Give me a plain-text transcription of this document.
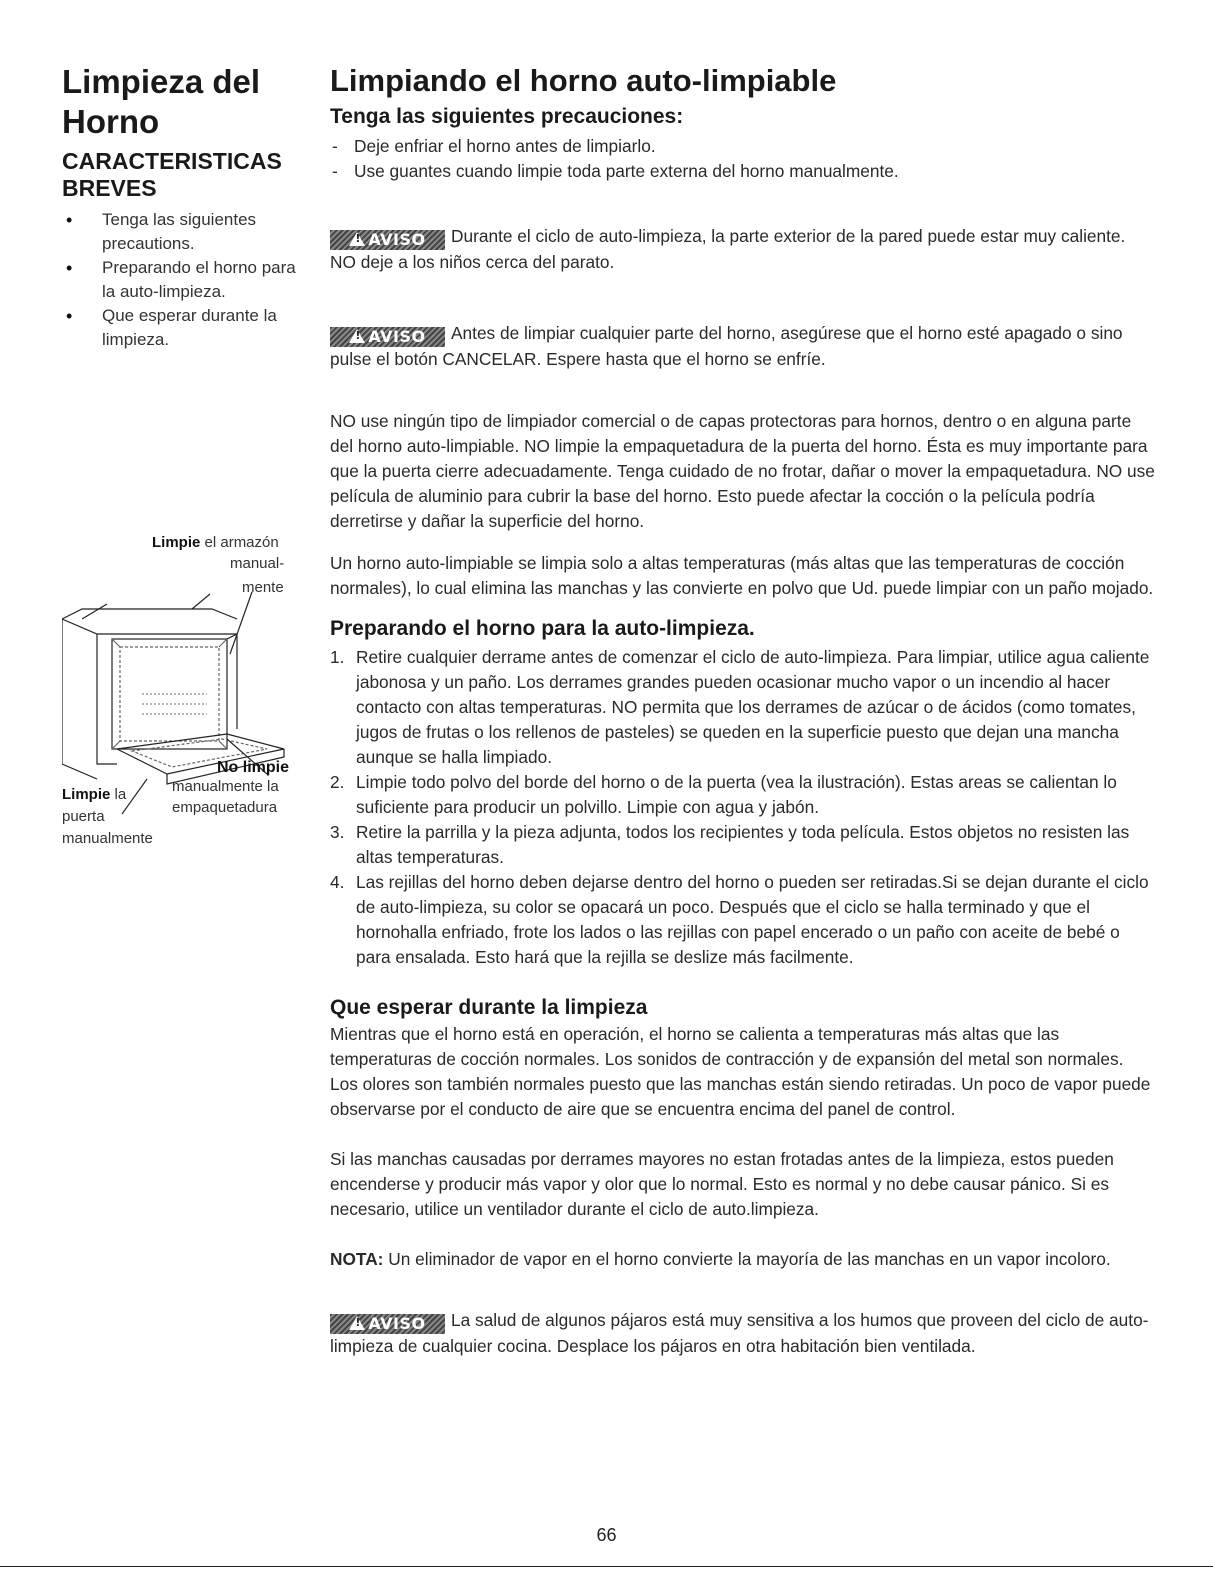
Limpieza del Horno
CARACTERISTICAS BREVES
• Tenga las siguientes precautions.
• Preparando el horno para la auto-limpieza.
• Que esperar durante la limpieza.
Limpie el armazón
manual-
mente
No limpie
manualmente la
empaquetadura
Limpie la
puerta
manualmente
Limpiando el horno auto-limpiable
Tenga las siguientes precauciones:
- Deje enfriar el horno antes de limpiarlo.
- Use guantes cuando limpie toda parte externa del horno manualmente.

!AVISO Durante el ciclo de auto-limpieza, la parte exterior de la pared puede estar muy caliente. NO deje a los niños cerca del parato.

!AVISO Antes de limpiar cualquier parte del horno, asegúrese que el horno esté apagado o sino pulse el botón CANCELAR. Espere hasta que el horno se enfríe.

NO use ningún tipo de limpiador comercial o de capas protectoras para hornos, dentro o en alguna parte del horno auto-limpiable. NO limpie la empaquetadura de la puerta del horno. Ésta es muy importante para que la puerta cierre adecuadamente. Tenga cuidado de no frotar, dañar o mover la empaquetadura. NO use película de aluminio para cubrir la base del horno. Esto puede afectar la cocción o la película podría derretirse y dañar la superficie del horno.

Un horno auto-limpiable se limpia solo a altas temperaturas (más altas que las temperaturas de cocción normales), lo cual elimina las manchas y las convierte en polvo que Ud. puede limpiar con un paño mojado.

Preparando el horno para la auto-limpieza.
1. Retire cualquier derrame antes de comenzar el ciclo de auto-limpieza. Para limpiar, utilice agua caliente jabonosa y un paño. Los derrames grandes pueden ocasionar mucho vapor o un incendio al hacer contacto con altas temperaturas. NO permita que los derrames de azúcar o de ácidos (como tomates, jugos de frutas o los rellenos de pasteles) se queden en la superficie puesto que dejan una mancha aunque se halla limpiado.
2. Limpie todo polvo del borde del horno o de la puerta (vea la ilustración). Estas areas se calientan lo suficiente para producir un polvillo. Limpie con agua y jabón.
3. Retire la parrilla y la pieza adjunta, todos los recipientes y toda película. Estos objetos no resisten las altas temperaturas.
4. Las rejillas del horno deben dejarse dentro del horno o pueden ser retiradas.Si se dejan durante el ciclo de auto-limpieza, su color se opacará un poco. Después que el ciclo se halla terminado y que el hornohalla enfriado, frote los lados o las rejillas con papel encerado o un paño con aceite de bebé o para ensalada. Esto hará que la rejilla se deslize más facilmente.
Que esperar durante la limpieza

Mientras que el horno está en operación, el horno se calienta a temperaturas más altas que las temperaturas de cocción normales. Los sonidos de contracción y de expansión del metal son normales. Los olores son también normales puesto que las manchas están siendo retiradas. Un poco de vapor puede observarse por el conducto de aire que se encuentra encima del panel de control.

Si las manchas causadas por derrames mayores no estan frotadas antes de la limpieza, estos pueden encenderse y producir más vapor y olor que lo normal. Esto es normal y no debe causar pánico. Si es necesario, utilice un ventilador durante el ciclo de auto.limpieza.

NOTA: Un eliminador de vapor en el horno convierte la mayoría de las manchas en un vapor incoloro.

!AVISO La salud de algunos pájaros está muy sensitiva a los humos que proveen del ciclo de auto- limpieza de cualquier cocina. Desplace los pájaros en otra habitación bien ventilada.

66
